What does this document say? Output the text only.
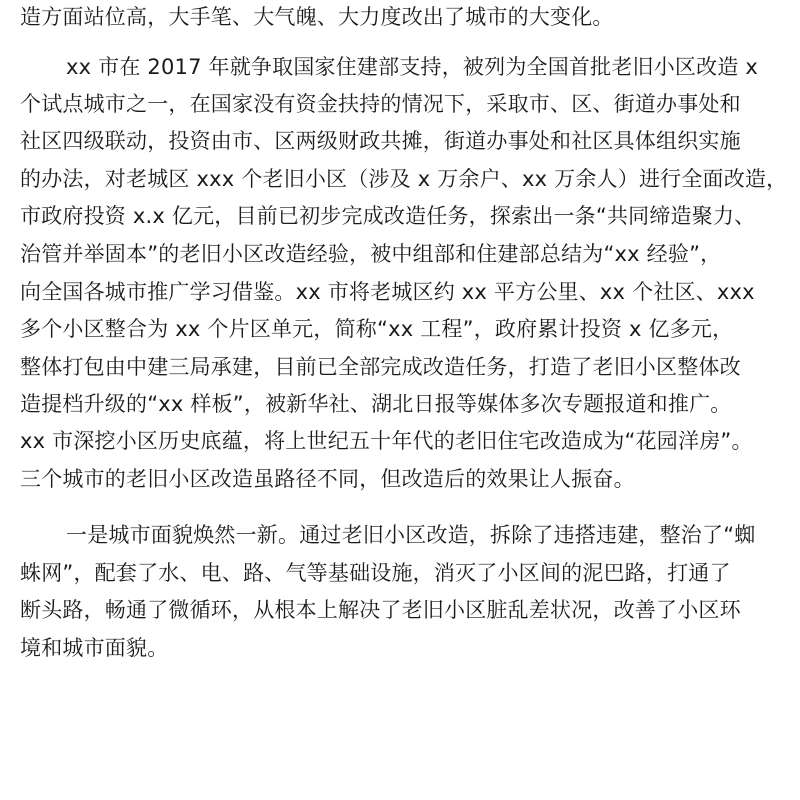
造方面站位高，大手笔、大气魄、大力度改出了城市的大变化。
xx 市在 2017 年就争取国家住建部支持，被列为全国首批老旧小区改造 x
个试点城市之一，在国家没有资金扶持的情况下，采取市、区、街道办事处和
社区四级联动，投资由市、区两级财政共摊，街道办事处和社区具体组织实施
的办法，对老城区 xxx 个老旧小区（涉及 x 万余户、xx 万余人）进行全面改造，
市政府投资 x.x 亿元，目前已初步完成改造任务，探索出一条“共同缔造聚力、
治管并举固本”的老旧小区改造经验，被中组部和住建部总结为“xx 经验”，
向全国各城市推广学习借鉴。xx 市将老城区约 xx 平方公里、xx 个社区、xxx
多个小区整合为 xx 个片区单元，简称“xx 工程”，政府累计投资 x 亿多元，
整体打包由中建三局承建，目前已全部完成改造任务，打造了老旧小区整体改
造提档升级的“xx 样板”，被新华社、湖北日报等媒体多次专题报道和推广。
xx 市深挖小区历史底蕴，将上世纪五十年代的老旧住宅改造成为“花园洋房”。
三个城市的老旧小区改造虽路径不同，但改造后的效果让人振奋。
一是城市面貌焕然一新。通过老旧小区改造，拆除了违搭违建，整治了“蜘
蛛网”，配套了水、电、路、气等基础设施，消灭了小区间的泥巴路，打通了
断头路，畅通了微循环，从根本上解决了老旧小区脏乱差状况，改善了小区环
境和城市面貌。
